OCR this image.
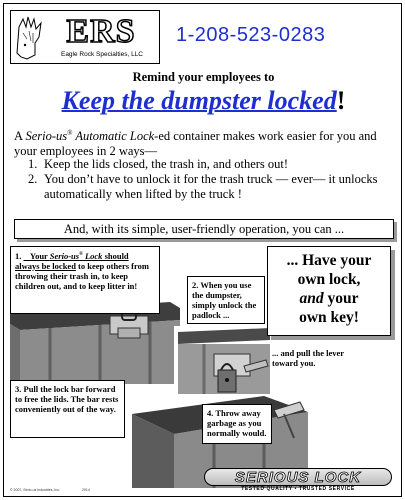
ERS
Eagle Rock Specialties, LLC
1-208-523-0283
Remind your employees to
Keep the dumpster locked!
A Serio-us® Automatic Lock-ed container makes work easier for you and your employees in 2 ways—
1. Keep the lids closed, the trash in, and others out!
2. You don’t have to unlock it for the trash truck — ever— it unlocks automatically when lifted by the truck !
And, with its simple, user-friendly operation, you can ...
1. Your Serio-us® Lock should always be locked to keep others from throwing their trash in, to keep children out, and to keep litter in!	2. When you use the dumpster, simply unlock the padlock ...
... and pull the lever toward you.
3. Pull the lock bar forward to free the lids. The bar rests conveniently out of the way.	4. Throw away garbage as you normally would.
... Have your
own lock,
and your
own key!
SERIOUS LOCK
TESTED QUALITY • TRUSTED SERVICE
© 2007, Serio-us Industries, Inc.	2014
